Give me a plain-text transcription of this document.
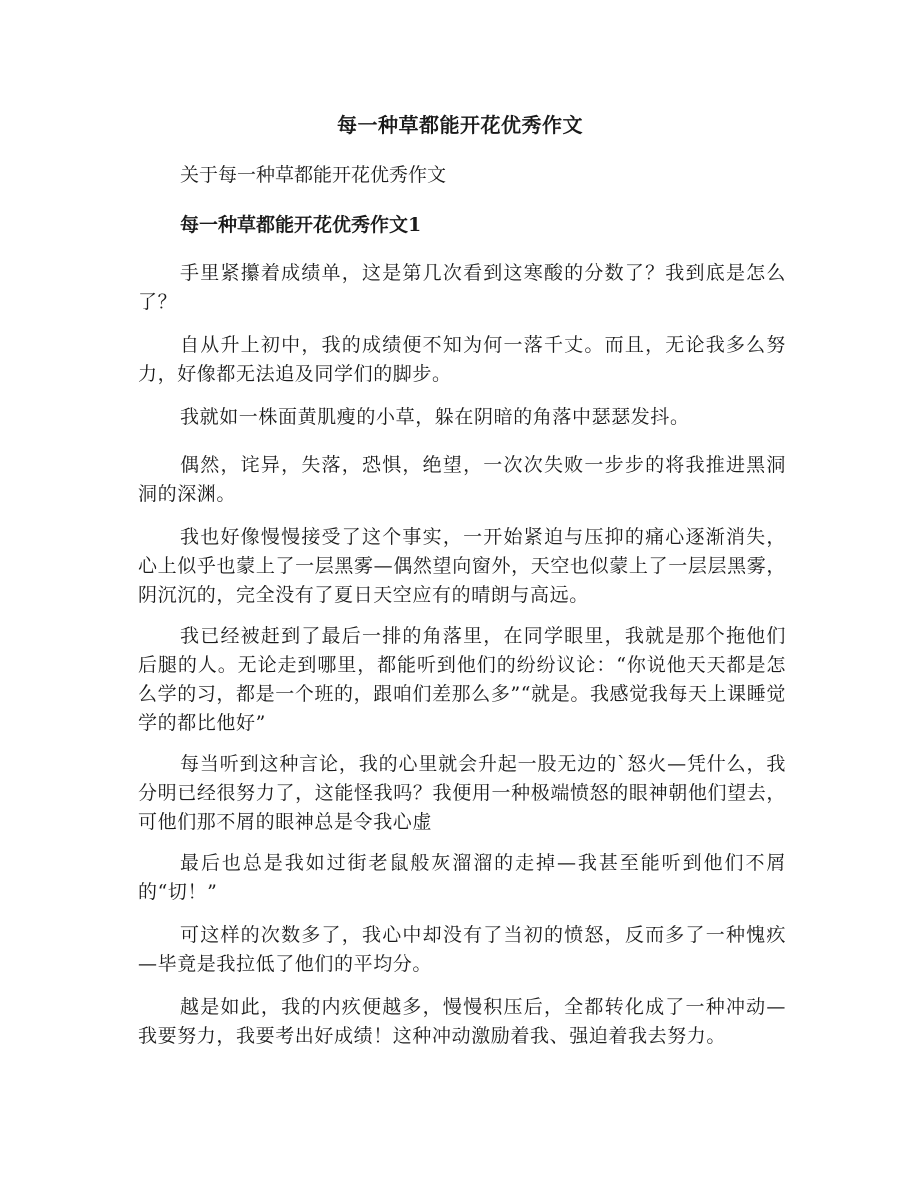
每一种草都能开花优秀作文
关于每一种草都能开花优秀作文
每一种草都能开花优秀作文1

手里紧攥着成绩单，这是第几次看到这寒酸的分数了？我到底是怎么了？

自从升上初中，我的成绩便不知为何一落千丈。而且，无论我多么努力，好像都无法追及同学们的脚步。

我就如一株面黄肌瘦的小草，躲在阴暗的角落中瑟瑟发抖。

偶然，诧异，失落，恐惧，绝望，一次次失败一步步的将我推进黑洞洞的深渊。

我也好像慢慢接受了这个事实，一开始紧迫与压抑的痛心逐渐消失，心上似乎也蒙上了一层黑雾—偶然望向窗外，天空也似蒙上了一层层黑雾，阴沉沉的，完全没有了夏日天空应有的晴朗与高远。

我已经被赶到了最后一排的角落里，在同学眼里，我就是那个拖他们后腿的人。无论走到哪里，都能听到他们的纷纷议论：“你说他天天都是怎么学的习，都是一个班的，跟咱们差那么多”“就是。我感觉我每天上课睡觉学的都比他好”

每当听到这种言论，我的心里就会升起一股无边的`怒火—凭什么，我分明已经很努力了，这能怪我吗？我便用一种极端愤怒的眼神朝他们望去，可他们那不屑的眼神总是令我心虚

最后也总是我如过街老鼠般灰溜溜的走掉—我甚至能听到他们不屑的“切！”

可这样的次数多了，我心中却没有了当初的愤怒，反而多了一种愧疚—毕竟是我拉低了他们的平均分。

越是如此，我的内疚便越多，慢慢积压后，全都转化成了一种冲动—我要努力，我要考出好成绩！这种冲动激励着我、强迫着我去努力。
